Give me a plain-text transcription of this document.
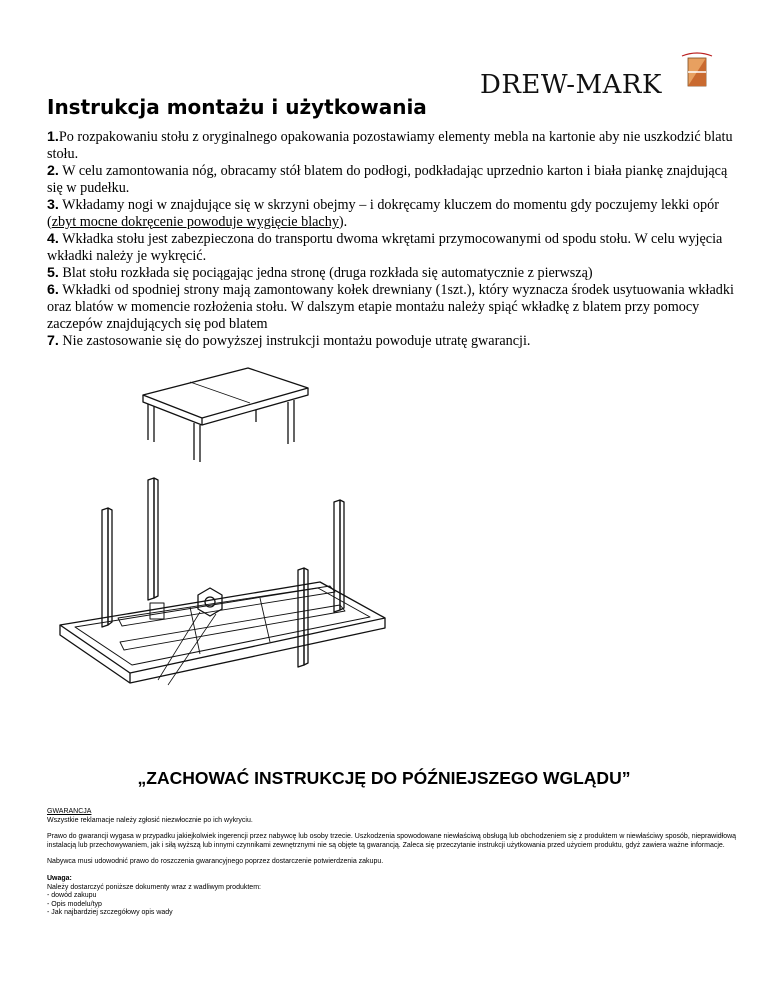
DREW-MARK
Instrukcja montażu i użytkowania

1.Po rozpakowaniu stołu z oryginalnego opakowania pozostawiamy elementy mebla na kartonie aby nie uszkodzić blatu stołu.

2. W celu zamontowania nóg, obracamy stół blatem do podłogi, podkładając uprzednio karton i biała piankę znajdującą się w pudełku.

3. Wkładamy nogi w znajdujące się w skrzyni obejmy – i dokręcamy kluczem do momentu gdy poczujemy lekki opór (zbyt mocne dokręcenie powoduje wygięcie blachy).

4. Wkładka stołu jest zabezpieczona do transportu dwoma wkrętami przymocowanymi od spodu stołu. W celu wyjęcia wkładki należy je wykręcić.

5. Blat stołu rozkłada się pociągając jedna stronę (druga rozkłada się automatycznie z pierwszą)

6. Wkładki od spodniej strony mają zamontowany kołek drewniany (1szt.), który wyznacza środek usytuowania wkładki oraz blatów w momencie rozłożenia stołu. W dalszym etapie montażu należy spiąć wkładkę z blatem przy pomocy zaczepów znajdujących się pod blatem

7. Nie zastosowanie się do powyższej instrukcji montażu powoduje utratę gwarancji.

„ZACHOWAĆ INSTRUKCJĘ DO PÓŹNIEJSZEGO WGLĄDU”

GWARANCJA

Wszystkie reklamacje należy zgłosić niezwłocznie po ich wykryciu.

Prawo do gwarancji wygasa w przypadku jakiejkolwiek ingerencji przez nabywcę lub osoby trzecie. Uszkodzenia spowodowane niewłaściwą obsługą lub obchodzeniem się z produktem w niewłaściwy sposób, nieprawidłową instalacją lub przechowywaniem, jak i siłą wyższą lub innymi czynnikami zewnętrznymi nie są objęte tą gwarancją. Zaleca się przeczytanie instrukcji użytkowania przed użyciem produktu, gdyż zawiera ważne informacje.

Nabywca musi udowodnić prawo do roszczenia gwarancyjnego poprzez dostarczenie potwierdzenia zakupu.

Uwaga:
Należy dostarczyć poniższe dokumenty wraz z wadliwym produktem:
- dowód zakupu
- Opis modelu/typ
- Jak najbardziej szczegółowy opis wady
